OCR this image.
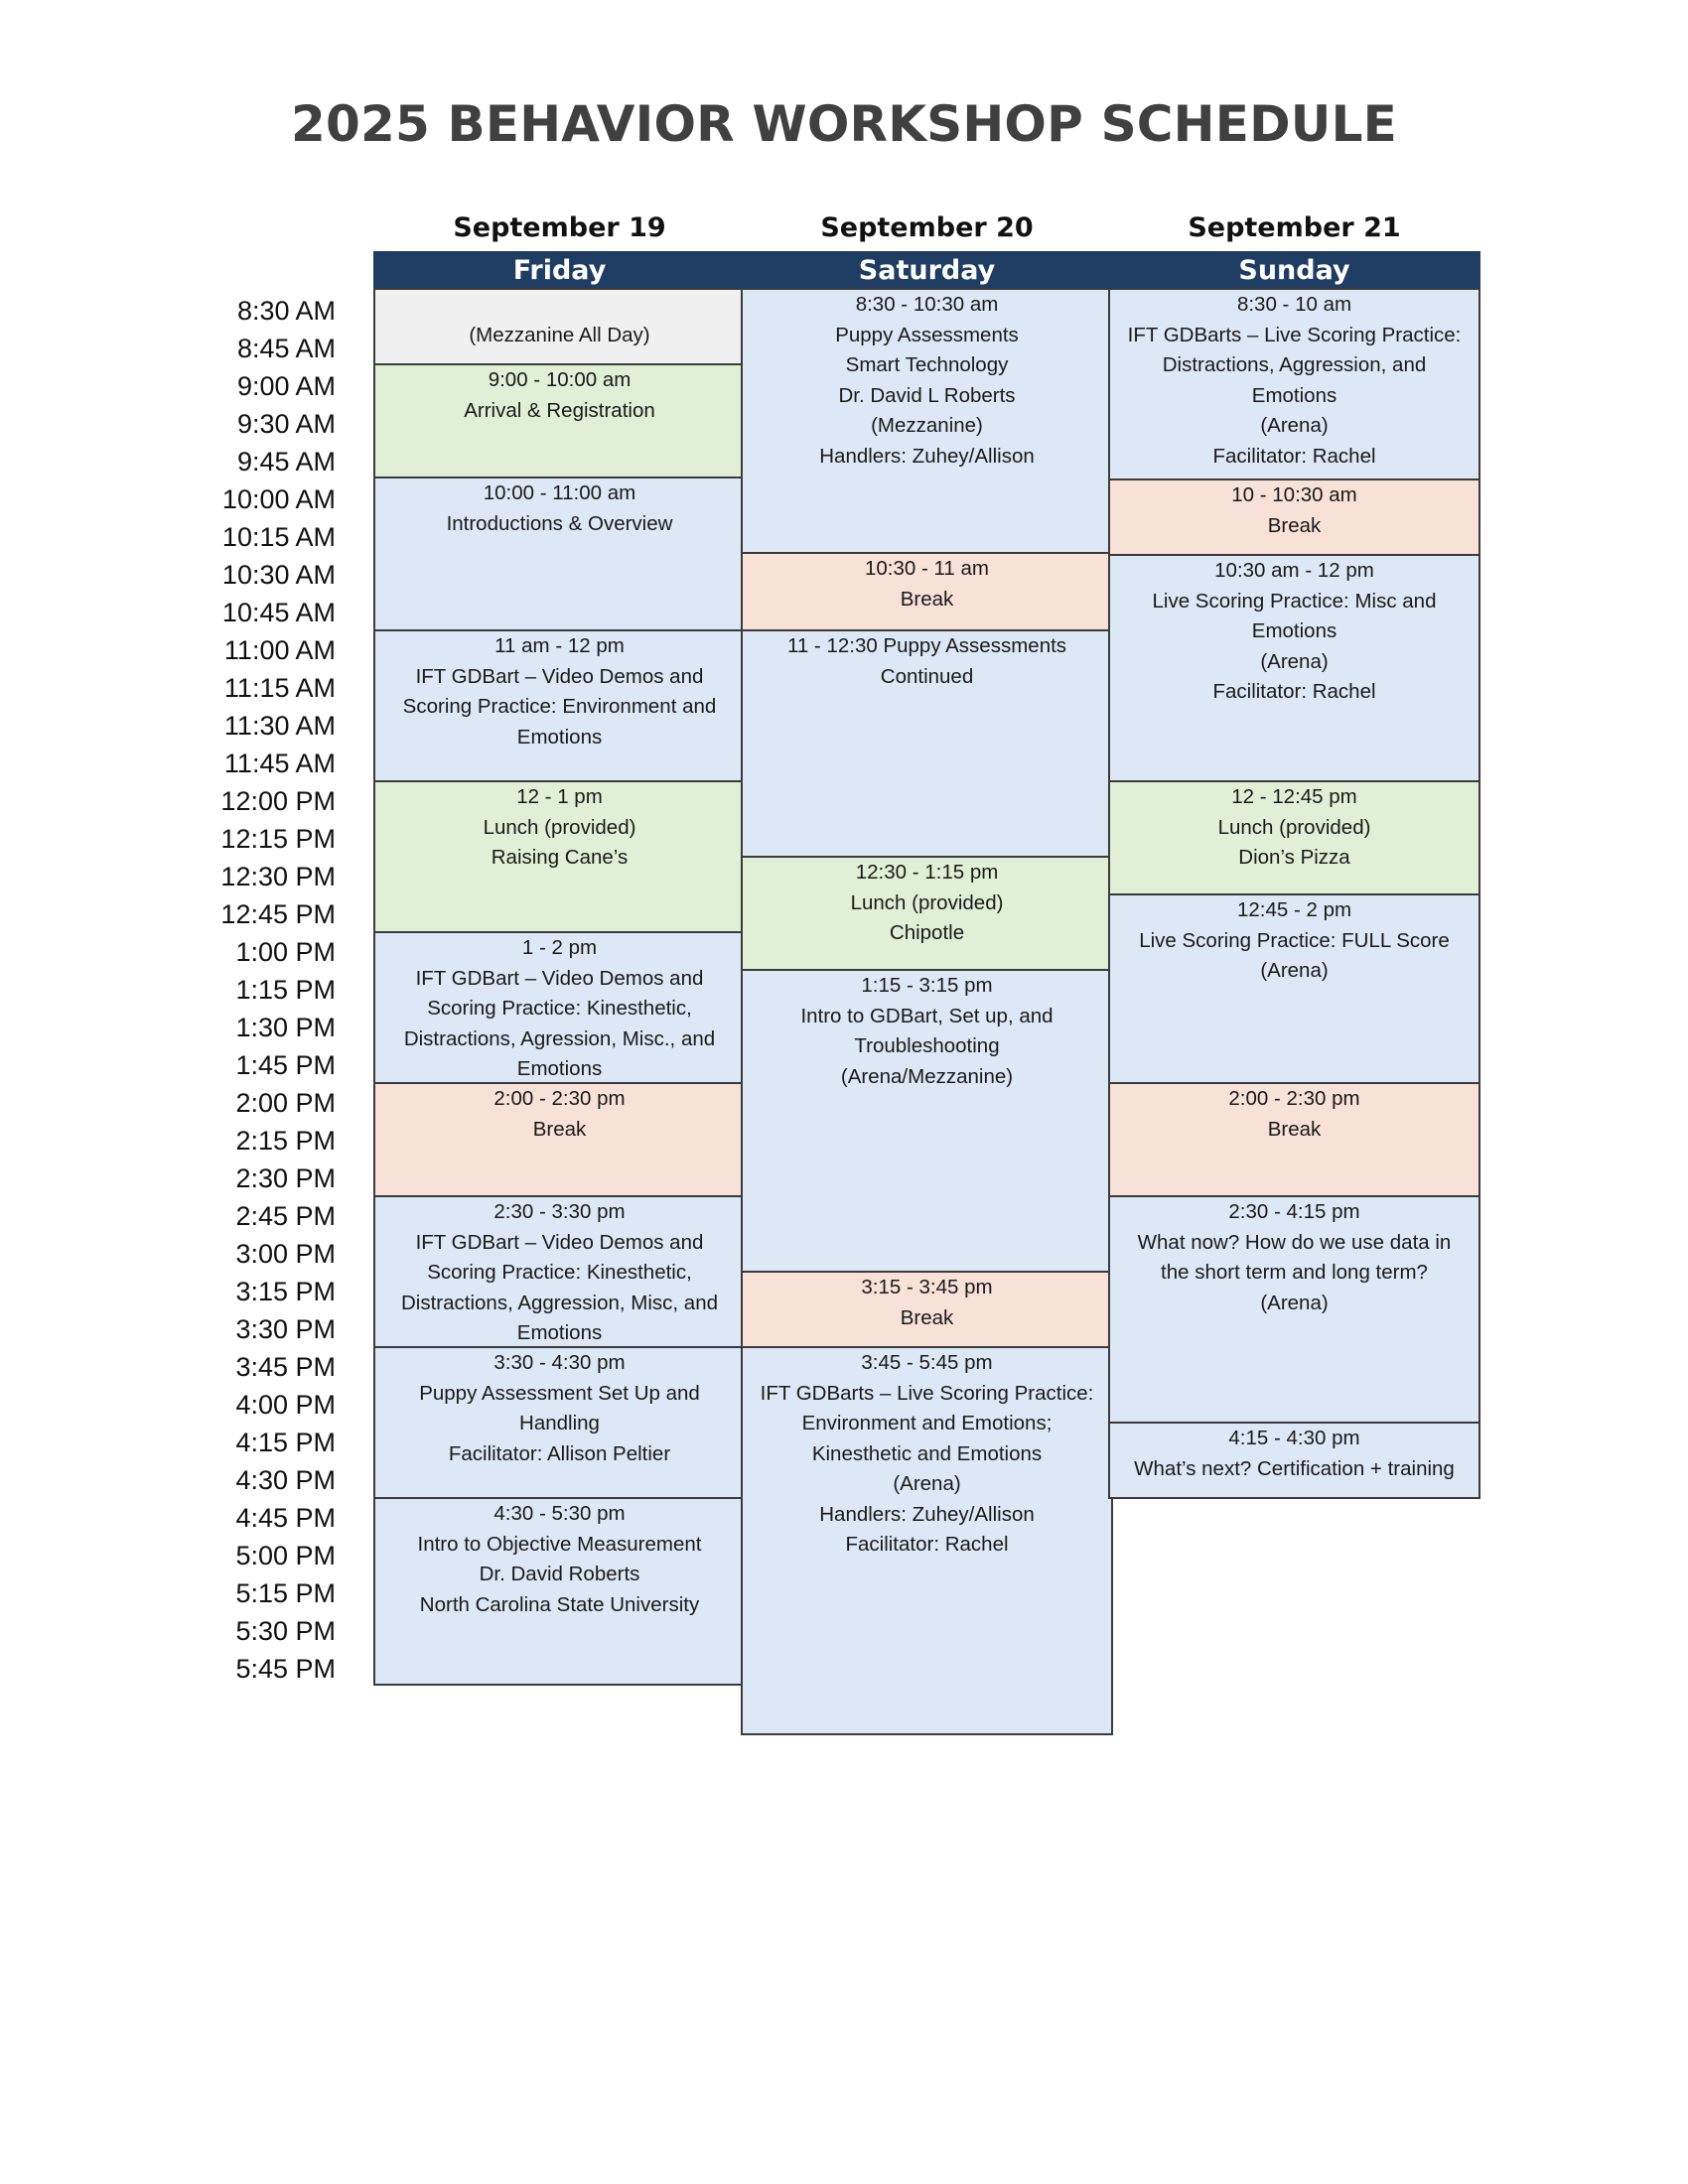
2025 BEHAVIOR WORKSHOP SCHEDULE
8:30 AM
8:45 AM
9:00 AM
9:30 AM
9:45 AM
10:00 AM
10:15 AM
10:30 AM
10:45 AM
11:00 AM
11:15 AM
11:30 AM
11:45 AM
12:00 PM
12:15 PM
12:30 PM
12:45 PM
1:00 PM
1:15 PM
1:30 PM
1:45 PM
2:00 PM
2:15 PM
2:30 PM
2:45 PM
3:00 PM
3:15 PM
3:30 PM
3:45 PM
4:00 PM
4:15 PM
4:30 PM
4:45 PM
5:00 PM
5:15 PM
5:30 PM
5:45 PM
September 19
Friday

(Mezzanine All Day)
9:00 - 10:00 am
Arrival & Registration
10:00 - 11:00 am
Introductions & Overview
11 am - 12 pm
IFT GDBart – Video Demos and
Scoring Practice: Environment and
Emotions
12 - 1 pm
Lunch (provided)
Raising Cane’s
1 - 2 pm
IFT GDBart – Video Demos and
Scoring Practice: Kinesthetic,
Distractions, Agression, Misc., and
Emotions
2:00 - 2:30 pm
Break
2:30 - 3:30 pm
IFT GDBart – Video Demos and
Scoring Practice: Kinesthetic,
Distractions, Aggression, Misc, and
Emotions
3:30 - 4:30 pm
Puppy Assessment Set Up and
Handling
Facilitator: Allison Peltier
4:30 - 5:30 pm
Intro to Objective Measurement
Dr. David Roberts
North Carolina State University
September 20
Saturday
8:30 - 10:30 am
Puppy Assessments
Smart Technology
Dr. David L Roberts
(Mezzanine)
Handlers: Zuhey/Allison
10:30 - 11 am
Break
11 - 12:30 Puppy Assessments
Continued
12:30 - 1:15 pm
Lunch (provided)
Chipotle
1:15 - 3:15 pm
Intro to GDBart, Set up, and
Troubleshooting
(Arena/Mezzanine)
3:15 - 3:45 pm
Break
3:45 - 5:45 pm
IFT GDBarts – Live Scoring Practice:
Environment and Emotions;
Kinesthetic and Emotions
(Arena)
Handlers: Zuhey/Allison
Facilitator: Rachel
September 21
Sunday
8:30 - 10 am
IFT GDBarts – Live Scoring Practice:
Distractions, Aggression, and
Emotions
(Arena)
Facilitator: Rachel
10 - 10:30 am
Break
10:30 am - 12 pm
Live Scoring Practice: Misc and
Emotions
(Arena)
Facilitator: Rachel
12 - 12:45 pm
Lunch (provided)
Dion’s Pizza
12:45 - 2 pm
Live Scoring Practice: FULL Score
(Arena)
2:00 - 2:30 pm
Break
2:30 - 4:15 pm
What now? How do we use data in
the short term and long term?
(Arena)
4:15 - 4:30 pm
What’s next? Certification + training
